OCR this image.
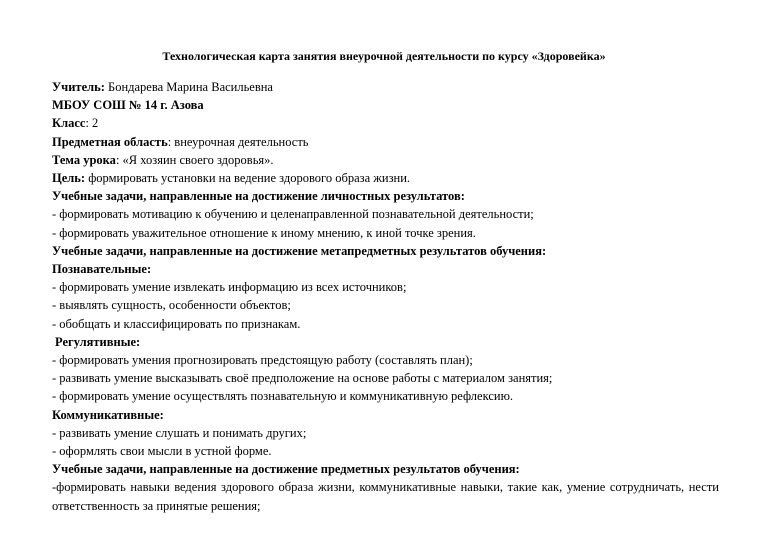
Технологическая карта занятия внеурочной деятельности по курсу «Здоровейка»
Учитель: Бондарева Марина Васильевна
МБОУ СОШ № 14 г. Азова
Класс: 2
Предметная область: внеурочная деятельность
Тема урока: «Я хозяин своего здоровья».
Цель: формировать установки на ведение здорового образа жизни.
Учебные задачи, направленные на достижение личностных результатов:
- формировать мотивацию к обучению и целенаправленной познавательной деятельности;
- формировать уважительное отношение к иному мнению, к иной точке зрения.
Учебные задачи, направленные на достижение метапредметных результатов обучения:
Познавательные:
- формировать умение извлекать информацию из всех источников;
- выявлять сущность, особенности объектов;
- обобщать и классифицировать по признакам.
Регулятивные:
- формировать умения прогнозировать предстоящую работу (составлять план);
- развивать умение высказывать своё предположение на основе работы с материалом занятия;
- формировать умение осуществлять познавательную и коммуникативную рефлексию.
Коммуникативные:
- развивать умение слушать и понимать других;
- оформлять свои мысли в устной форме.
Учебные задачи, направленные на достижение предметных результатов обучения:
-формировать навыки ведения здорового образа жизни, коммуникативные навыки, такие как, умение сотрудничать, нести ответственность за принятые решения;
